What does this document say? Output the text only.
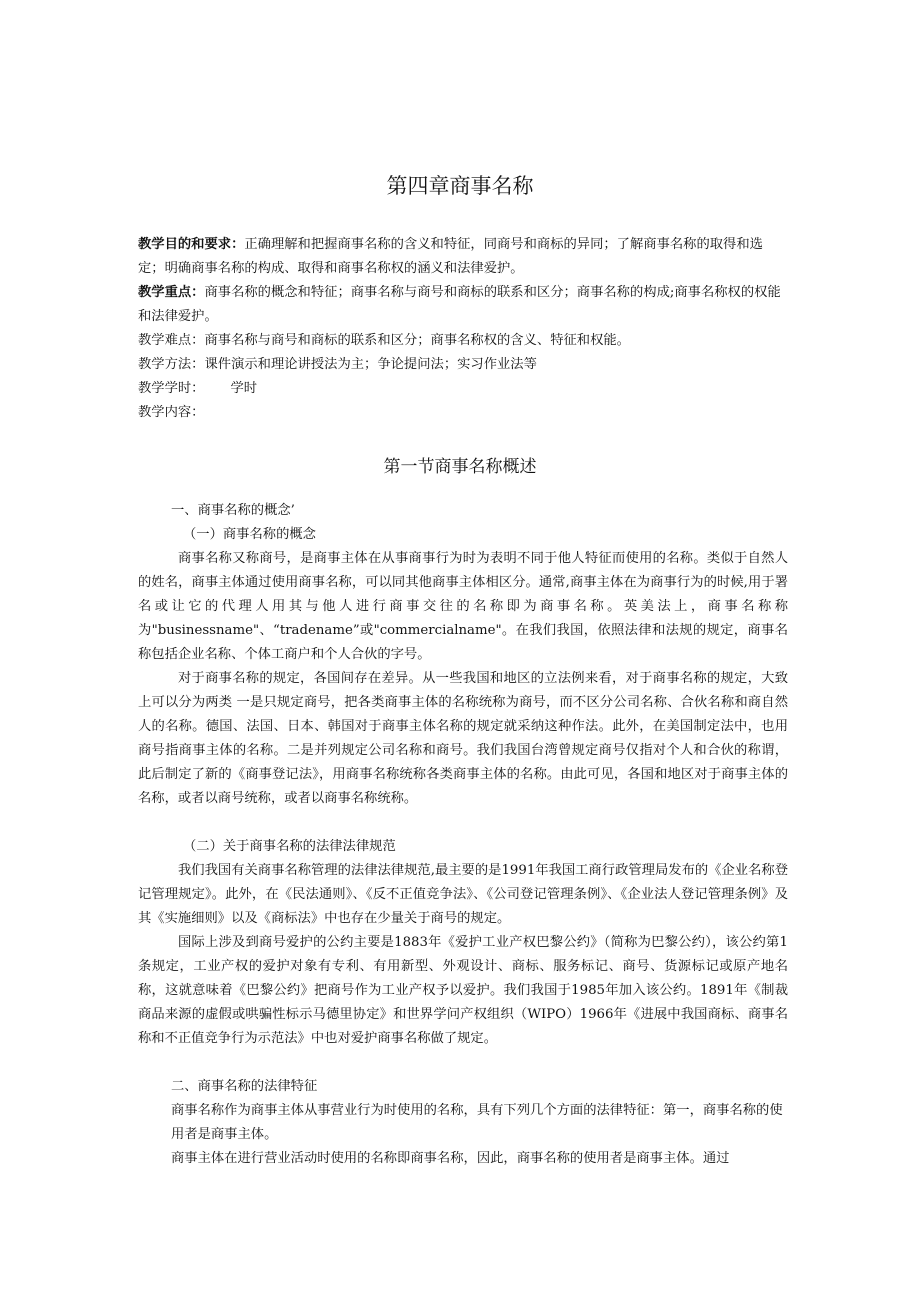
第四章商事名称

教学目的和要求：正确理解和把握商事名称的含义和特征，同商号和商标的异同；了解商事名称的取得和选定；明确商事名称的构成、取得和商事名称权的涵义和法律爱护。

教学重点：商事名称的概念和特征；商事名称与商号和商标的联系和区分；商事名称的构成;商事名称权的权能和法律爱护。

教学难点：商事名称与商号和商标的联系和区分；商事名称权的含义、特征和权能。

教学方法：课件演示和理论讲授法为主；争论提问法；实习作业法等

教学学时： 学时

教学内容：

第一节商事名称概述

一、商事名称的概念’

（一）商事名称的概念

商事名称又称商号，是商事主体在从事商事行为时为表明不同于他人特征而使用的名称。类似于自然人的姓名，商事主体通过使用商事名称，可以同其他商事主体相区分。通常,商事主体在为商事行为的时候,用于署名或让它的代理人用其与他人进行商事交往的名称即为商事名称。英美法上，商事名称称为"businessname"、“tradename”或"commercialname"。在我们我国，依照法律和法规的规定，商事名称包括企业名称、个体工商户和个人合伙的字号。

对于商事名称的规定，各国间存在差异。从一些我国和地区的立法例来看，对于商事名称的规定，大致上可以分为两类 一是只规定商号，把各类商事主体的名称统称为商号，而不区分公司名称、合伙名称和商自然人的名称。德国、法国、日本、韩国对于商事主体名称的规定就采纳这种作法。此外，在美国制定法中，也用商号指商事主体的名称。二是并列规定公司名称和商号。我们我国台湾曾规定商号仅指对个人和合伙的称谓，此后制定了新的《商事登记法》，用商事名称统称各类商事主体的名称。由此可见，各国和地区对于商事主体的名称，或者以商号统称，或者以商事名称统称。

（二）关于商事名称的法律法律规范

我们我国有关商事名称管理的法律法律规范,最主要的是1991年我国工商行政管理局发布的《企业名称登记管理规定》。此外，在《民法通则》、《反不正值竞争法》、《公司登记管理条例》、《企业法人登记管理条例》及其《实施细则》以及《商标法》中也存在少量关于商号的规定。

国际上涉及到商号爱护的公约主要是1883年《爱护工业产权巴黎公约》（简称为巴黎公约），该公约第1条规定，工业产权的爱护对象有专利、有用新型、外观设计、商标、服务标记、商号、货源标记或原产地名称，这就意味着《巴黎公约》把商号作为工业产权予以爱护。我们我国于1985年加入该公约。1891年《制裁商品来源的虚假或哄骗性标示马德里协定》和世界学问产权组织（WIPO）1966年《进展中我国商标、商事名称和不正值竞争行为示范法》中也对爱护商事名称做了规定。

二、商事名称的法律特征

商事名称作为商事主体从事营业行为时使用的名称，具有下列几个方面的法律特征：第一，商事名称的使用者是商事主体。

商事主体在进行营业活动时使用的名称即商事名称，因此，商事名称的使用者是商事主体。通过
